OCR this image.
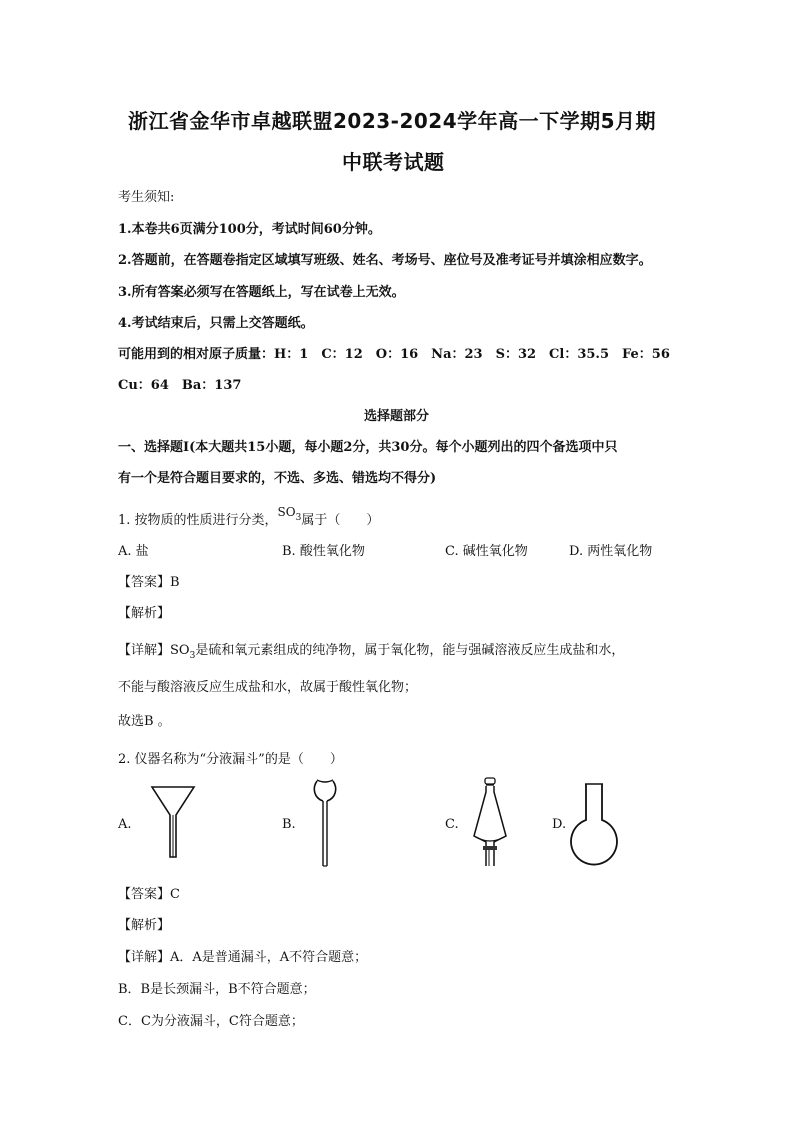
浙江省金华市卓越联盟2023-2024学年高一下学期5月期
中联考试题
考生须知:
1.本卷共6页满分100分，考试时间60分钟。
2.答题前，在答题卷指定区域填写班级、姓名、考场号、座位号及准考证号并填涂相应数字。
3.所有答案必须写在答题纸上，写在试卷上无效。
4.考试结束后，只需上交答题纸。
可能用到的相对原子质量：H：1　C：12　O：16　Na：23　S：32　Cl：35.5　Fe：56
Cu：64　Ba：137
选择题部分
一、选择题Ⅰ(本大题共15小题，每小题2分，共30分。每个小题列出的四个备选项中只
有一个是符合题目要求的，不选、多选、错选均不得分)
1. 按物质的性质进行分类，$SO_3$属于（　　）
A. 盐	B. 酸性氧化物	C. 碱性氧化物	D. 两性氧化物
【答案】B
【解析】
【详解】$SO_3$是硫和氧元素组成的纯净物，属于氧化物，能与强碱溶液反应生成盐和水，
不能与酸溶液反应生成盐和水，故属于酸性氧化物；
故选B 。
2. 仪器名称为“分液漏斗”的是（　　）
A.	B.	C.	D.
【答案】C
【解析】
【详解】A．A是普通漏斗，A不符合题意；
B．B是长颈漏斗，B不符合题意；
C．C为分液漏斗，C符合题意；
